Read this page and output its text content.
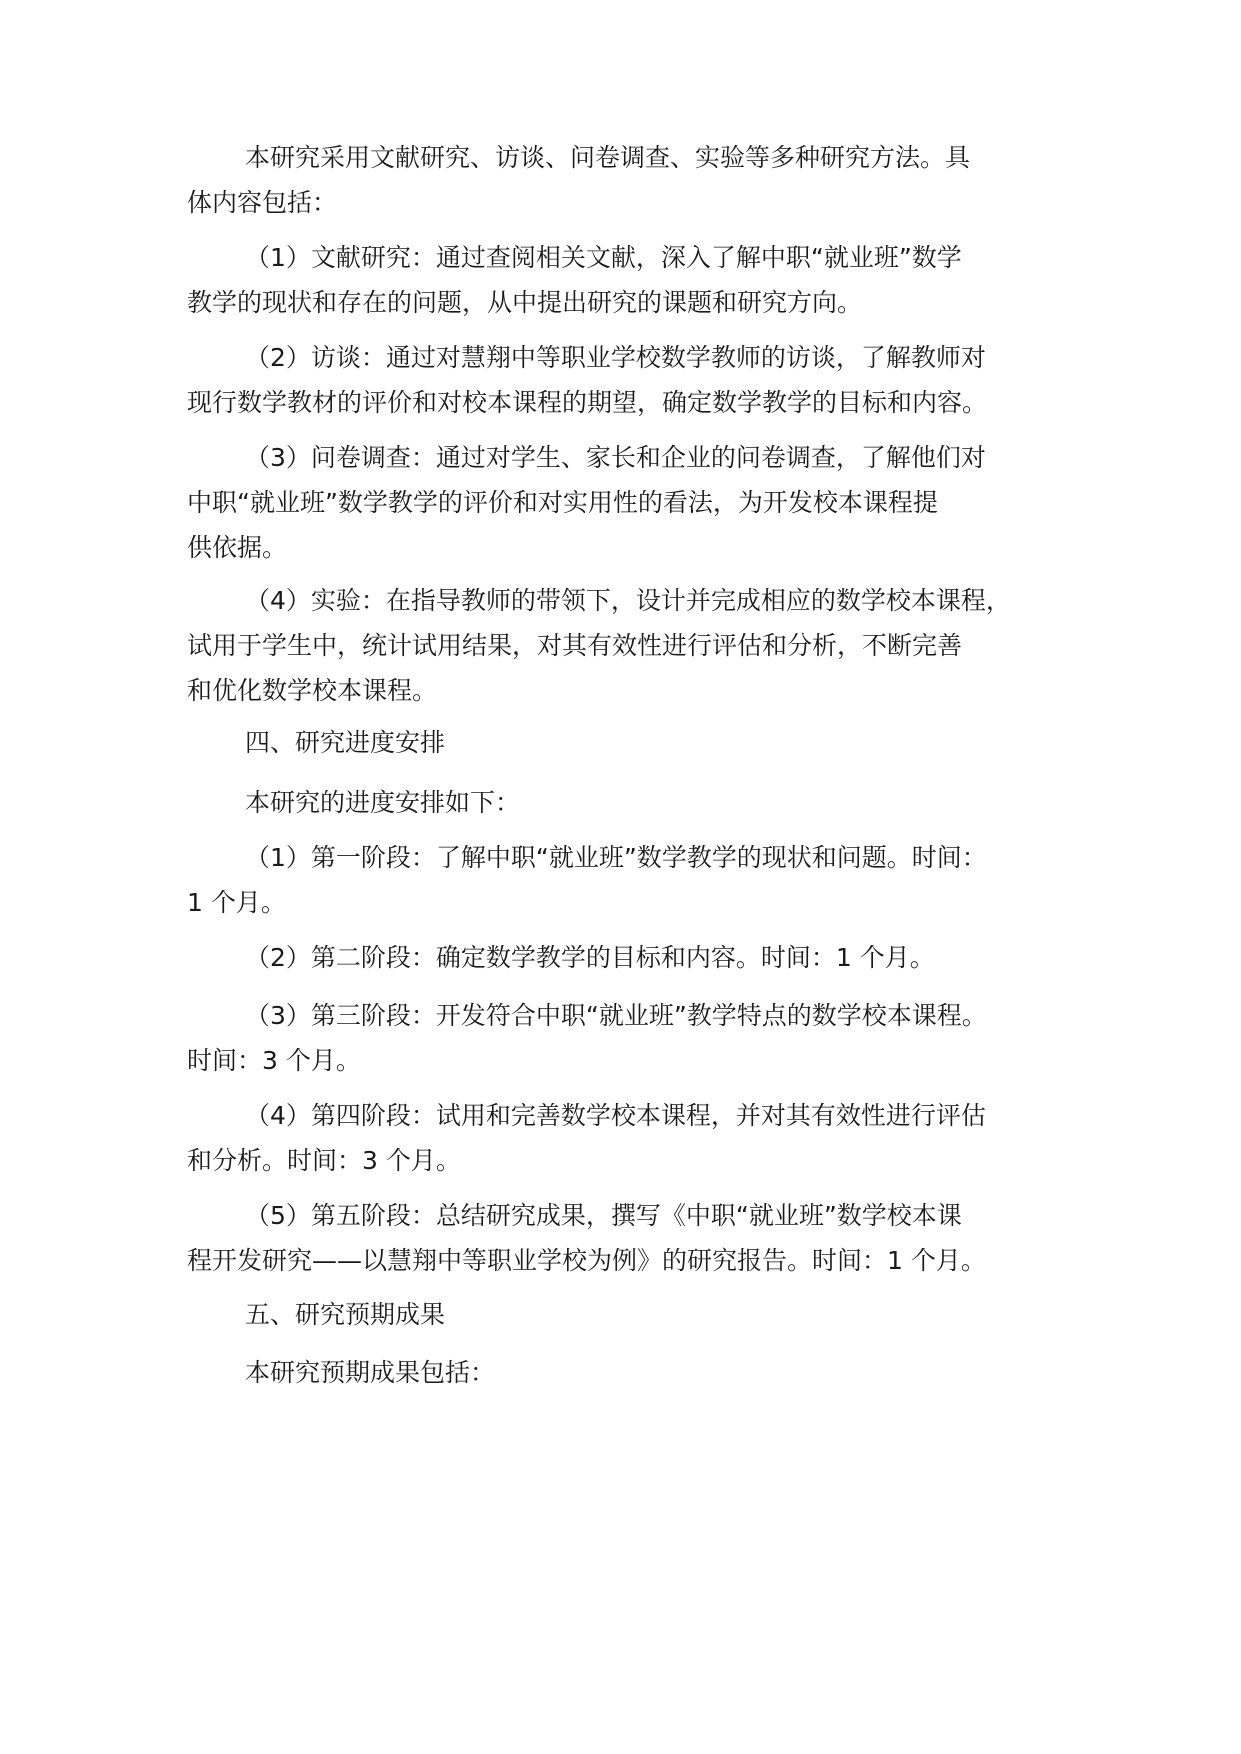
本研究采用文献研究、访谈、问卷调查、实验等多种研究方法。具
体内容包括：
（1）文献研究：通过查阅相关文献，深入了解中职“就业班”数学
教学的现状和存在的问题，从中提出研究的课题和研究方向。
（2）访谈：通过对慧翔中等职业学校数学教师的访谈，了解教师对
现行数学教材的评价和对校本课程的期望，确定数学教学的目标和内容。
（3）问卷调查：通过对学生、家长和企业的问卷调查，了解他们对
中职“就业班”数学教学的评价和对实用性的看法，为开发校本课程提
供依据。
（4）实验：在指导教师的带领下，设计并完成相应的数学校本课程，
试用于学生中，统计试用结果，对其有效性进行评估和分析，不断完善
和优化数学校本课程。
四、研究进度安排
本研究的进度安排如下：
（1）第一阶段：了解中职“就业班”数学教学的现状和问题。时间：
1 个月。
（2）第二阶段：确定数学教学的目标和内容。时间：1 个月。
（3）第三阶段：开发符合中职“就业班”教学特点的数学校本课程。
时间：3 个月。
（4）第四阶段：试用和完善数学校本课程，并对其有效性进行评估
和分析。时间：3 个月。
（5）第五阶段：总结研究成果，撰写《中职“就业班”数学校本课
程开发研究——以慧翔中等职业学校为例》的研究报告。时间：1 个月。
五、研究预期成果
本研究预期成果包括：
